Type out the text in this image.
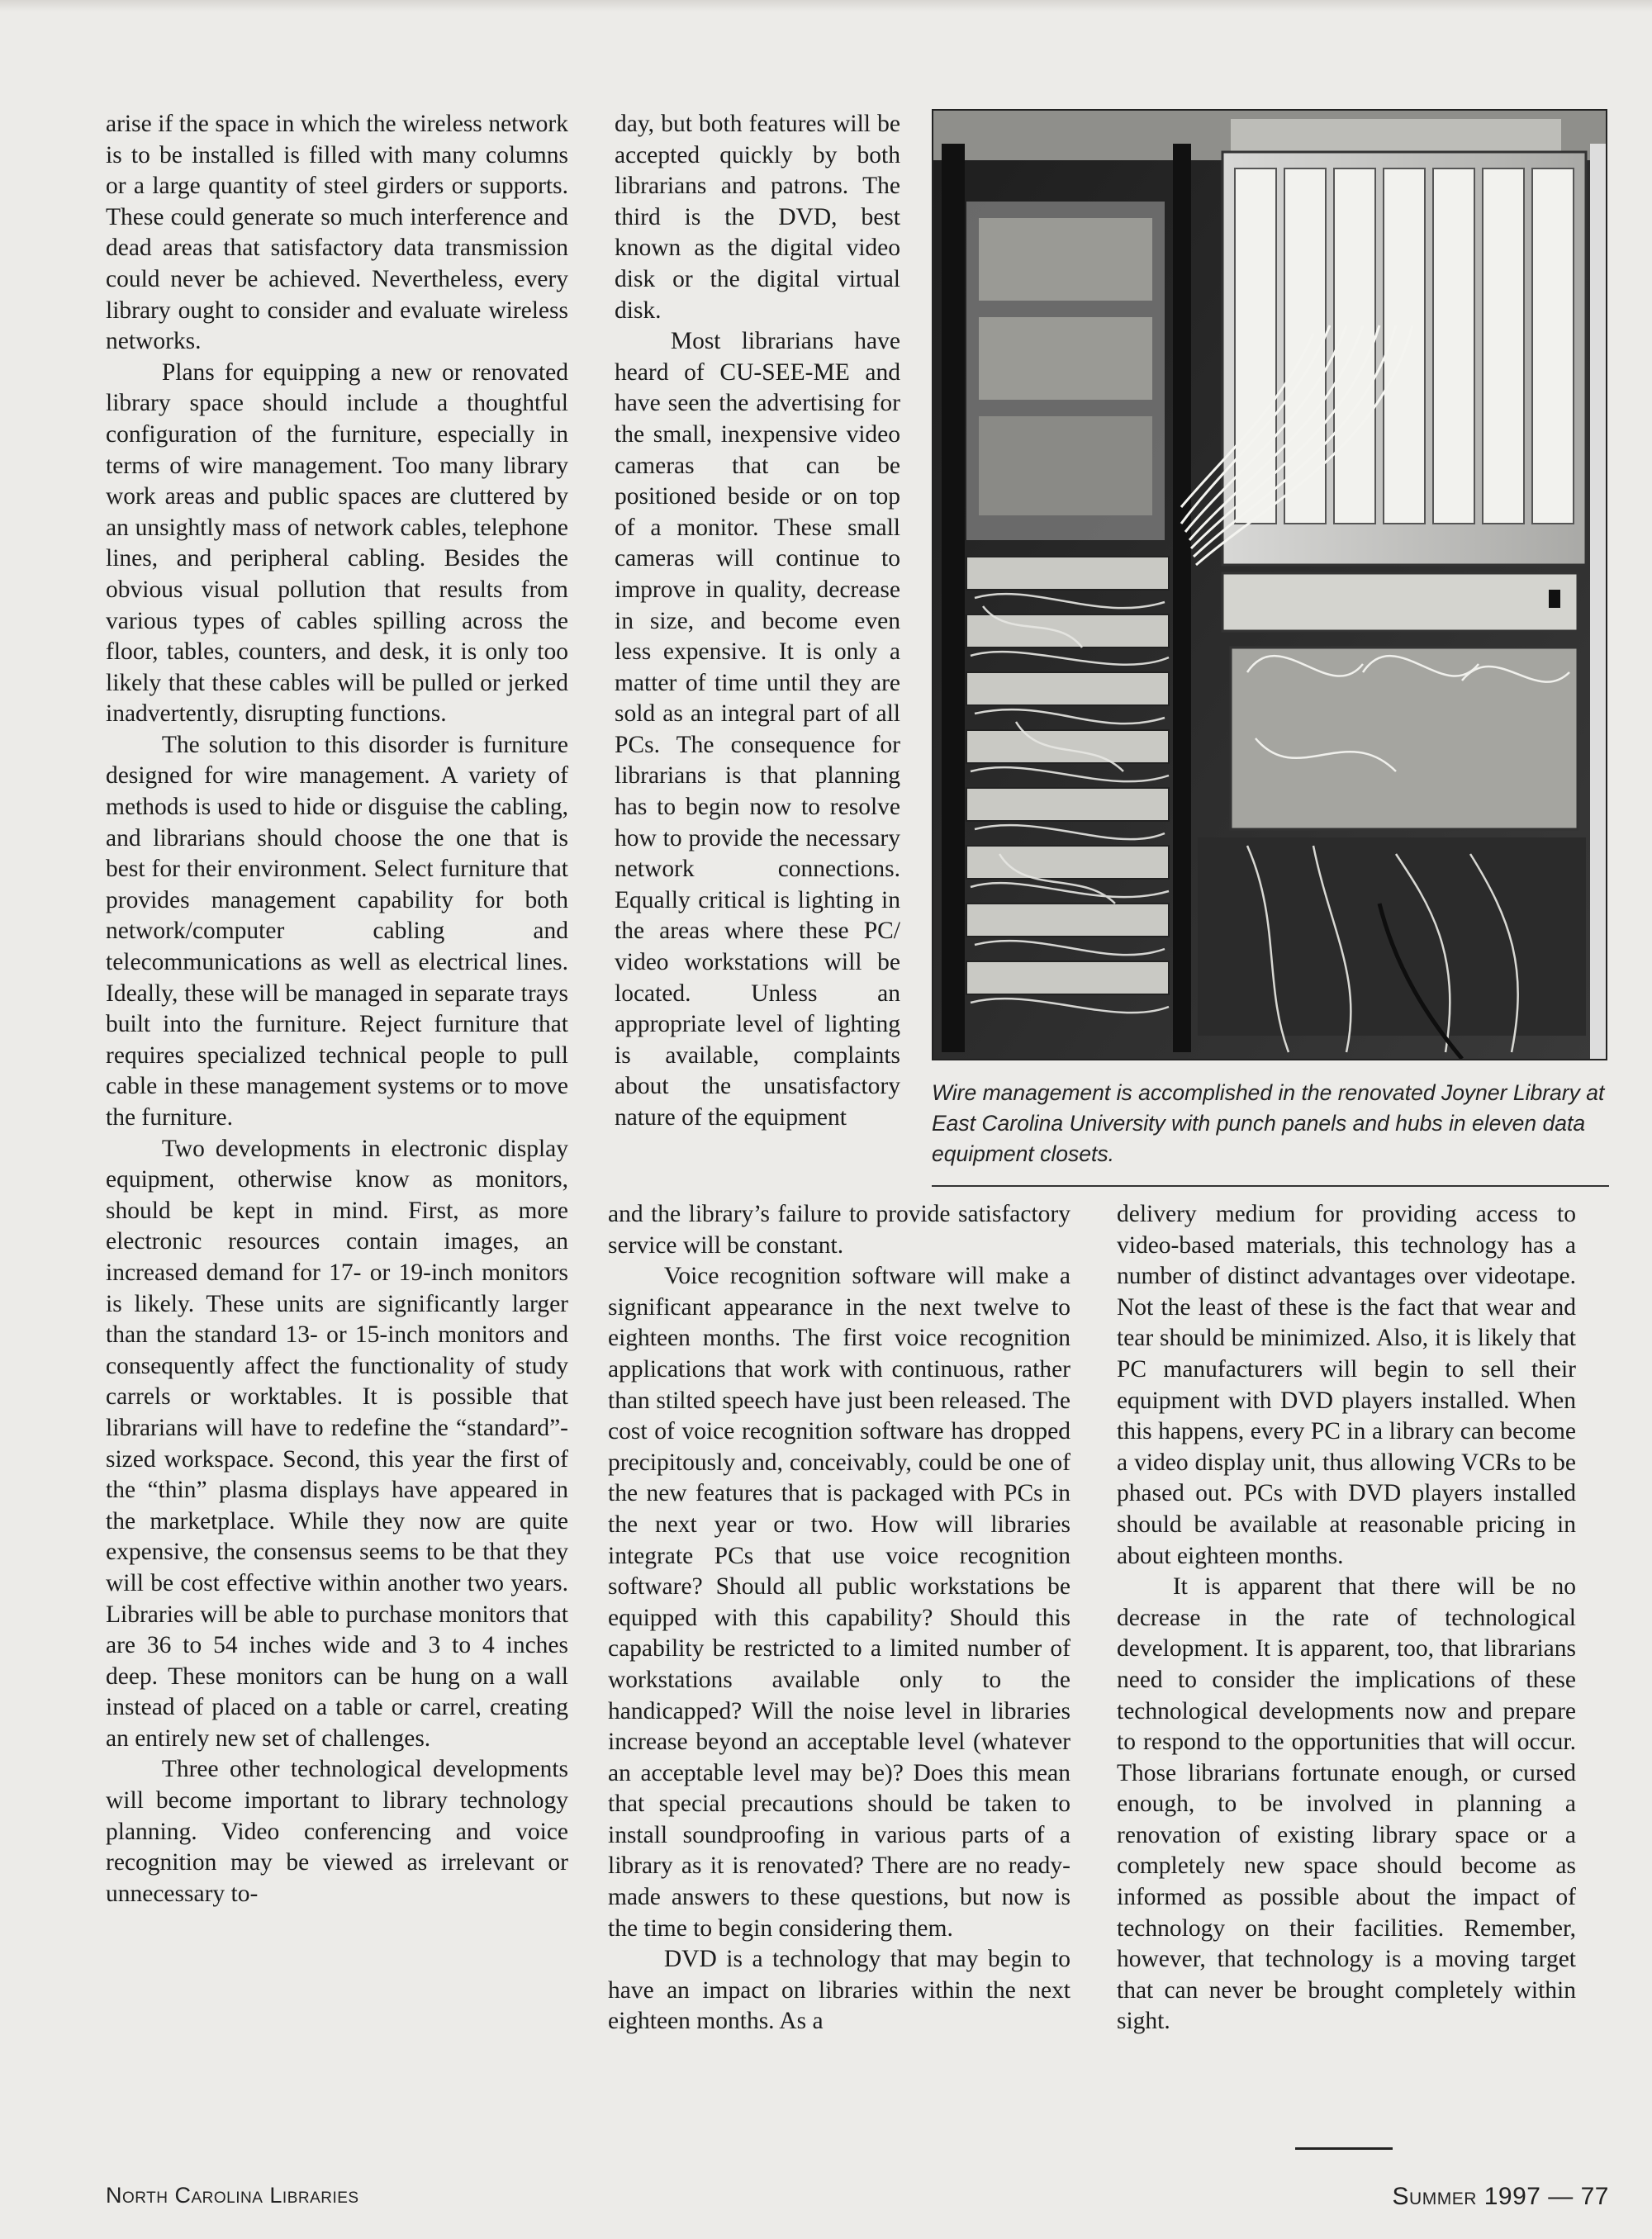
arise if the space in which the wireless network is to be installed is filled with many columns or a large quantity of steel girders or supports. These could generate so much interference and dead areas that satisfactory data transmission could never be achieved. Nevertheless, every library ought to consider and evaluate wireless networks.

Plans for equipping a new or renovated library space should include a thoughtful configuration of the furniture, especially in terms of wire management. Too many library work areas and public spaces are cluttered by an unsightly mass of network cables, telephone lines, and peripheral cabling. Besides the obvious visual pollution that results from various types of cables spilling across the floor, tables, counters, and desk, it is only too likely that these cables will be pulled or jerked inadvertently, disrupting functions.

The solution to this disorder is furniture designed for wire management. A variety of methods is used to hide or disguise the cabling, and librarians should choose the one that is best for their environment. Select furniture that provides management capability for both network/computer cabling and telecommunications as well as electrical lines. Ideally, these will be managed in separate trays built into the furniture. Reject furniture that requires specialized technical people to pull cable in these management systems or to move the furniture.

Two developments in electronic display equipment, otherwise know as monitors, should be kept in mind. First, as more electronic resources contain images, an increased demand for 17- or 19-inch monitors is likely. These units are significantly larger than the standard 13- or 15-inch monitors and consequently affect the functionality of study carrels or worktables. It is possible that librarians will have to redefine the “standard”-sized workspace. Second, this year the first of the “thin” plasma displays have appeared in the marketplace. While they now are quite expensive, the consensus seems to be that they will be cost effective within another two years. Libraries will be able to purchase monitors that are 36 to 54 inches wide and 3 to 4 inches deep. These monitors can be hung on a wall instead of placed on a table or carrel, creating an entirely new set of challenges.

Three other technological developments will become important to library technology planning. Video conferencing and voice recognition may be viewed as irrelevant or unnecessary to-

day, but both features will be accepted quickly by both librarians and patrons. The third is the DVD, best known as the digital video disk or the digital virtual disk.

Most librarians have heard of CU-SEE-ME and have seen the advertising for the small, inexpensive video cameras that can be positioned beside or on top of a monitor. These small cameras will continue to improve in quality, decrease in size, and become even less expensive. It is only a matter of time until they are sold as an integral part of all PCs. The consequence for librarians is that planning has to begin now to resolve how to provide the necessary network connections. Equally critical is lighting in the areas where these PC/ video workstations will be located. Unless an appropriate level of lighting is available, complaints about the unsatisfactory nature of the equipment

Wire management is accomplished in the renovated Joyner Library at East Carolina University with punch panels and hubs in eleven data equipment closets.

and the library’s failure to provide satisfactory service will be constant.

Voice recognition software will make a significant appearance in the next twelve to eighteen months. The first voice recognition applications that work with continuous, rather than stilted speech have just been released. The cost of voice recognition software has dropped precipitously and, conceivably, could be one of the new features that is packaged with PCs in the next year or two. How will libraries integrate PCs that use voice recognition software? Should all public workstations be equipped with this capability? Should this capability be restricted to a limited number of workstations available only to the handicapped? Will the noise level in libraries increase beyond an acceptable level (whatever an acceptable level may be)? Does this mean that special precautions should be taken to install soundproofing in various parts of a library as it is renovated? There are no ready-made answers to these questions, but now is the time to begin considering them.

DVD is a technology that may begin to have an impact on libraries within the next eighteen months. As a

delivery medium for providing access to video-based materials, this technology has a number of distinct advantages over videotape. Not the least of these is the fact that wear and tear should be minimized. Also, it is likely that PC manufacturers will begin to sell their equipment with DVD players installed. When this happens, every PC in a library can become a video display unit, thus allowing VCRs to be phased out. PCs with DVD players installed should be available at reasonable pricing in about eighteen months.

It is apparent that there will be no decrease in the rate of technological development. It is apparent, too, that librarians need to consider the implications of these technological developments now and prepare to respond to the opportunities that will occur. Those librarians fortunate enough, or cursed enough, to be involved in planning a renovation of existing library space or a completely new space should become as informed as possible about the impact of technology on their facilities. Remember, however, that technology is a moving target that can never be brought completely within sight.

North Carolina Libraries	Summer 1997 — 77
